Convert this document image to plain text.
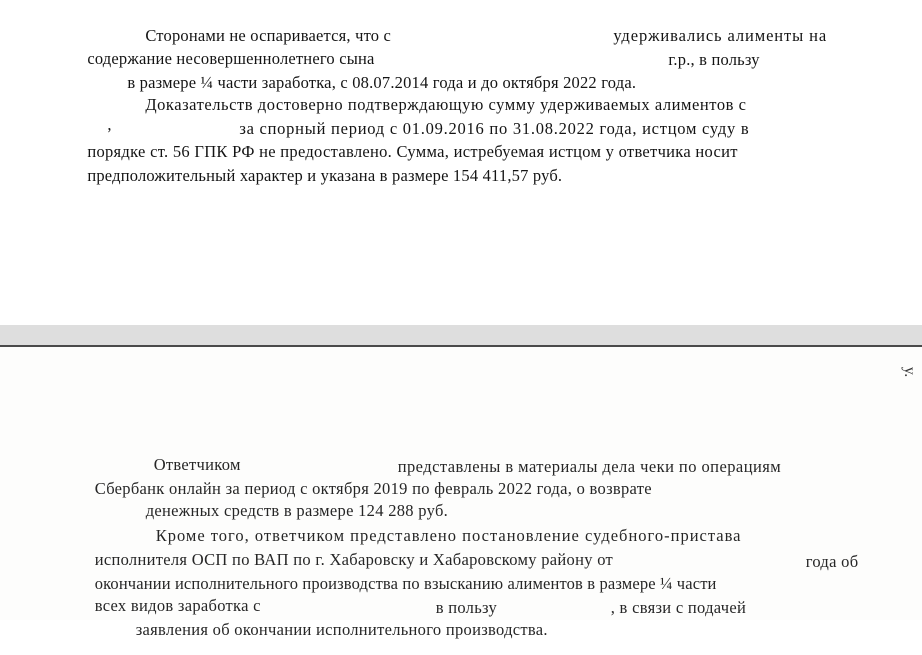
Сторонами не оспаривается, что с
	удерживались алименты на

содержание несовершеннолетнего сына
	г.р., в пользу

в размере ¼ части заработка, с 08.07.2014 года и до октября 2022 года.

Доказательств достоверно подтверждающую сумму удерживаемых алиментов с

,
	за спорный период с 01.09.2016 по 31.08.2022 года, истцом суду в

порядке ст. 56 ГПК РФ не предоставлено. Сумма, истребуемая истцом у ответчика носит

предположительный характер и указана в размере 154 411,57 руб.

у.

Ответчиком
	представлены в материалы дела чеки по операциям

Сбербанк онлайн за период с октября 2019 по февраль 2022 года, о возврате

денежных средств в размере 124 288 руб.

Кроме того, ответчиком представлено постановление судебного-пристава

исполнителя ОСП по ВАП по г. Хабаровску и Хабаровскому району от
	года об

окончании исполнительного производства по взысканию алиментов в размере ¼ части

всех видов заработка с
	в пользу
	, в связи с подачей

заявления об окончании исполнительного производства.
